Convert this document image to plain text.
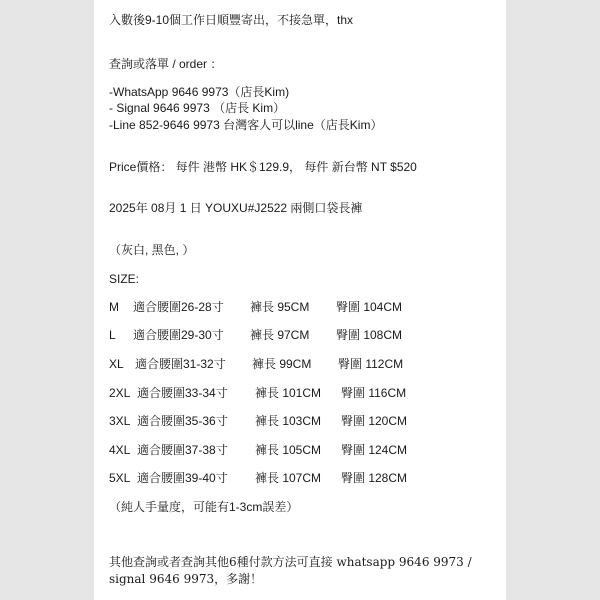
入數後9-10個工作日順豐寄出，不接急單，thx
查詢或落單 / order ：
-WhatsApp 9646 9973（店長Kim)
- Signal 9646 9973 （店長 Kim）
-Line 852-9646 9973 台灣客人可以line（店長Kim）
Price價格： 每件 港幣 HK＄129.9， 每件 新台幣 NT $520
2025年 08月 1 日 YOUXU#J2522 兩側口袋長褲
（灰白, 黑色, ）
SIZE:
M 適合腰圍26-28寸 褲長 95CM 臀圍 104CM
L 適合腰圍29-30寸 褲長 97CM 臀圍 108CM
XL 適合腰圍31-32寸 褲長 99CM 臀圍 112CM
2XL 適合腰圍33-34寸 褲長 101CM 臀圍 116CM
3XL 適合腰圍35-36寸 褲長 103CM 臀圍 120CM
4XL 適合腰圍37-38寸 褲長 105CM 臀圍 124CM
5XL 適合腰圍39-40寸 褲長 107CM 臀圍 128CM
（純人手量度，可能有1-3cm誤差）
其他查詢或者查詢其他6種付款方法可直接 whatsapp 9646 9973 / signal 9646 9973，多謝！
